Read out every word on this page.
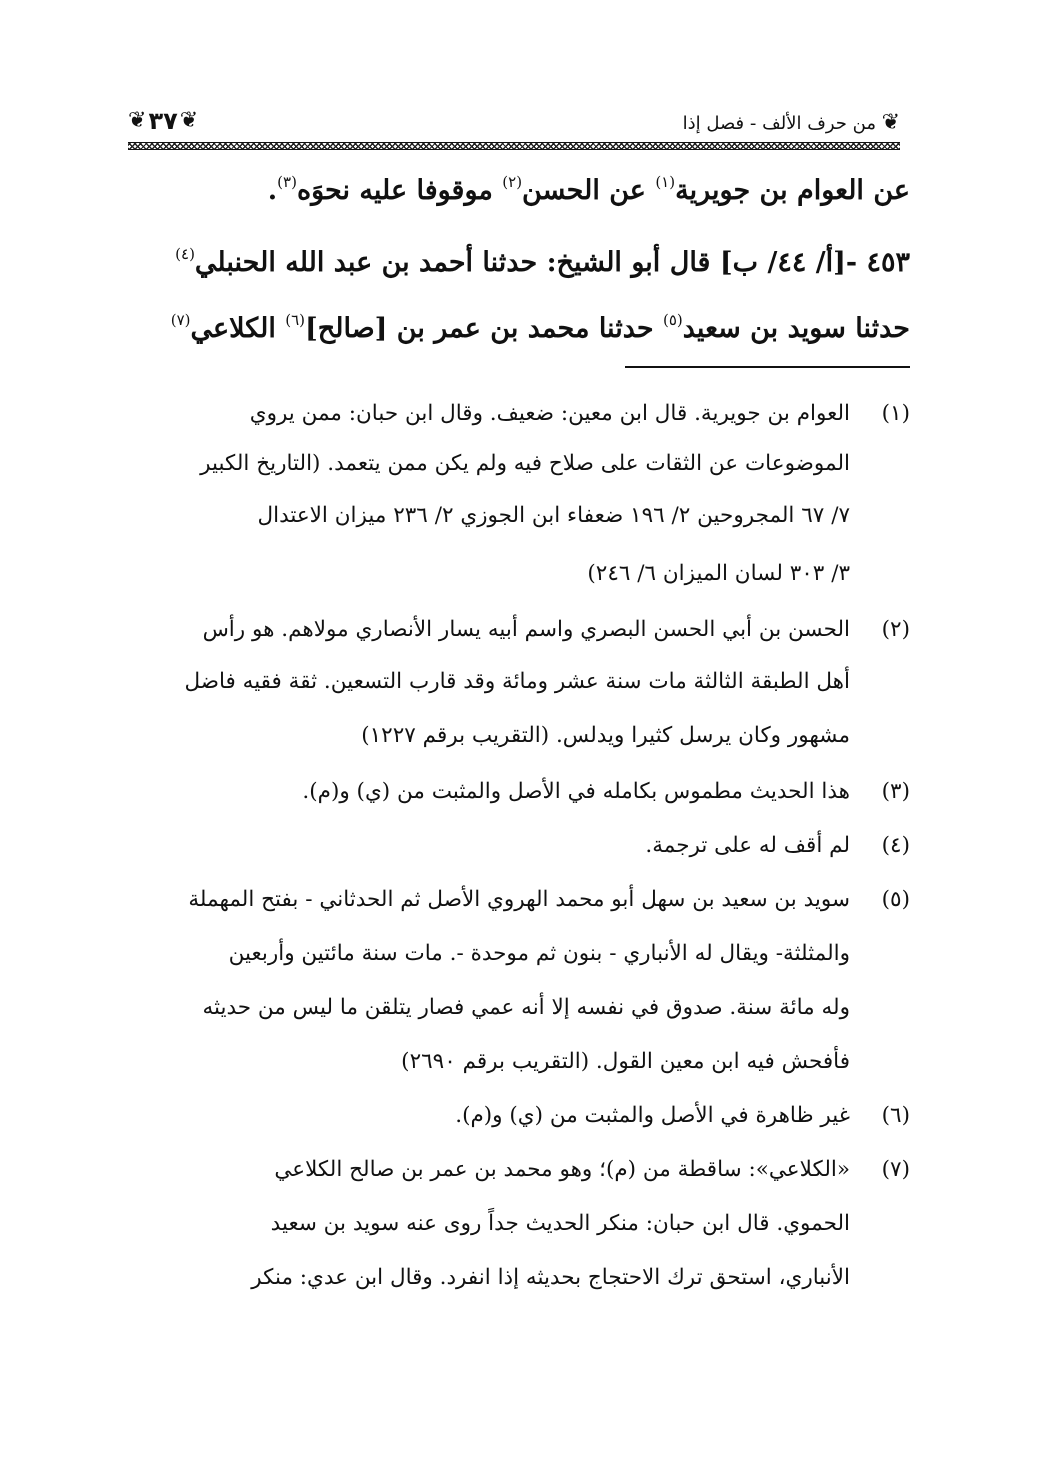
❦ ٣٧ ❦	من حرف الألف - فصل إذا ❦
عن العوام بن جويرية$^{(١)}$ عن الحسن$^{(٢)}$ موقوفا عليه نحوَه$^{(٣)}$.
٤٥٣ -[أ/ ٤٤/ ب] قال أبو الشيخ: حدثنا أحمد بن عبد الله الحنبلي$^{(٤)}$
حدثنا سويد بن سعيد$^{(٥)}$ حدثنا محمد بن عمر بن [صالح]$^{(٦)}$ الكلاعي$^{(٧)}$
(١)العوام بن جويرية. قال ابن معين: ضعيف. وقال ابن حبان: ممن يروي
الموضوعات عن الثقات على صلاح فيه ولم يكن ممن يتعمد. (التاريخ الكبير
٧/ ٦٧ المجروحين ٢/ ١٩٦ ضعفاء ابن الجوزي ٢/ ٢٣٦ ميزان الاعتدال
٣/ ٣٠٣ لسان الميزان ٦/ ٢٤٦)
(٢)الحسن بن أبي الحسن البصري واسم أبيه يسار الأنصاري مولاهم. هو رأس
أهل الطبقة الثالثة مات سنة عشر ومائة وقد قارب التسعين. ثقة فقيه فاضل
مشهور وكان يرسل كثيرا ويدلس. (التقريب برقم ١٢٢٧)
(٣)هذا الحديث مطموس بكامله في الأصل والمثبت من (ي) و(م).
(٤)لم أقف له على ترجمة.
(٥)سويد بن سعيد بن سهل أبو محمد الهروي الأصل ثم الحدثاني - بفتح المهملة
والمثلثة- ويقال له الأنباري - بنون ثم موحدة -. مات سنة مائتين وأربعين
وله مائة سنة. صدوق في نفسه إلا أنه عمي فصار يتلقن ما ليس من حديثه
فأفحش فيه ابن معين القول. (التقريب برقم ٢٦٩٠)
(٦)غير ظاهرة في الأصل والمثبت من (ي) و(م).
(٧)«الكلاعي»: ساقطة من (م)؛ وهو محمد بن عمر بن صالح الكلاعي
الحموي. قال ابن حبان: منكر الحديث جداً روى عنه سويد بن سعيد
الأنباري، استحق ترك الاحتجاج بحديثه إذا انفرد. وقال ابن عدي: منكر
